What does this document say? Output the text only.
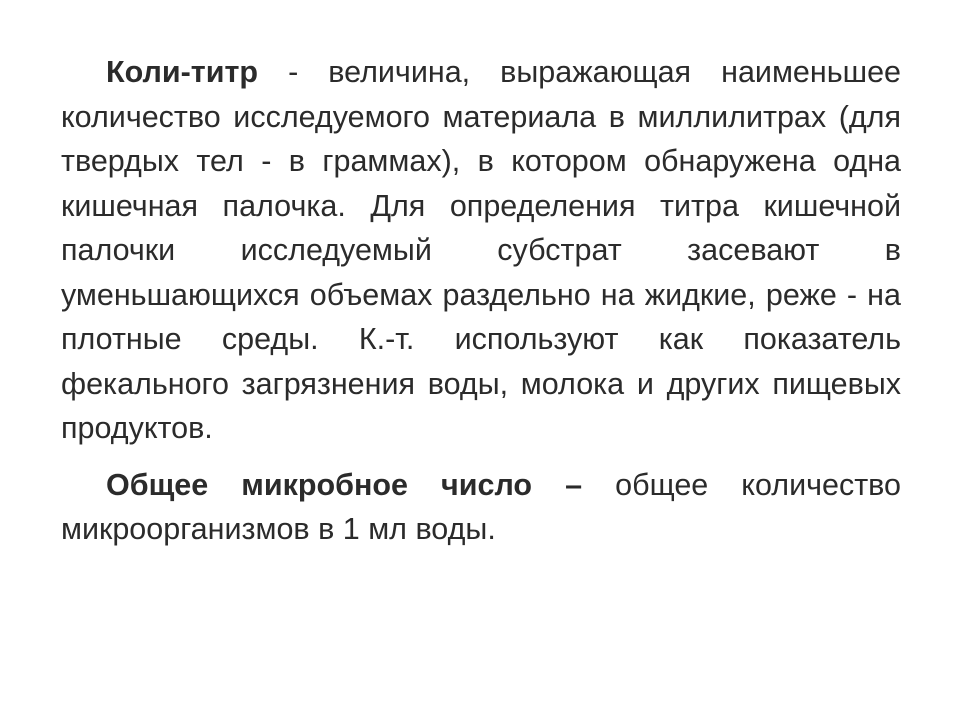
Коли-титр - величина, выражающая наименьшее количество исследуемого материала в миллилитрах (для твердых тел - в граммах), в котором обнаружена одна кишечная палочка. Для определения титра кишечной палочки исследуемый субстрат засевают в уменьшающихся объемах раздельно на жидкие, реже - на плотные среды. К.-т. используют как показатель фекального загрязнения воды, молока и других пищевых продуктов.

Общее микробное число – общее количество микроорганизмов в 1 мл воды.
